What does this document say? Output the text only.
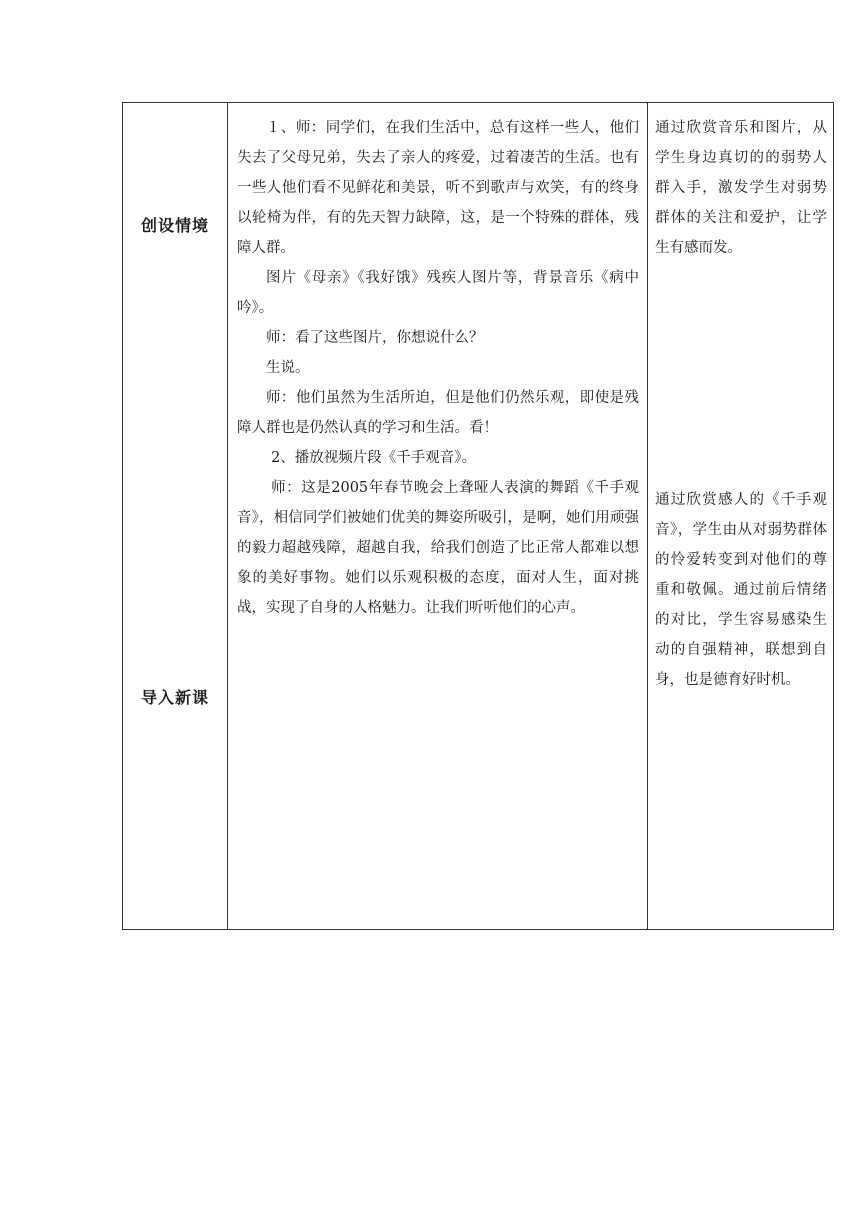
创设情境
导入新课

１、师：同学们，在我们生活中，总有这样一些人，他们失去了父母兄弟，失去了亲人的疼爱，过着凄苦的生活。也有一些人他们看不见鲜花和美景，听不到歌声与欢笑，有的终身以轮椅为伴，有的先天智力缺障，这，是一个特殊的群体，残障人群。

图片《母亲》《我好饿》残疾人图片等，背景音乐《病中吟》。

师：看了这些图片，你想说什么？

生说。

师：他们虽然为生活所迫，但是他们仍然乐观，即使是残障人群也是仍然认真的学习和生活。看！

2、播放视频片段《千手观音》。

师：这是2005年春节晚会上聋哑人表演的舞蹈《千手观音》，相信同学们被她们优美的舞姿所吸引，是啊，她们用顽强的毅力超越残障，超越自我，给我们创造了比正常人都难以想象的美好事物。她们以乐观积极的态度，面对人生，面对挑战，实现了自身的人格魅力。让我们听听他们的心声。

通过欣赏音乐和图片，从学生身边真切的的弱势人群入手，激发学生对弱势群体的关注和爱护，让学生有感而发。

通过欣赏感人的《千手观音》，学生由从对弱势群体的怜爱转变到对他们的尊重和敬佩。通过前后情绪的对比，学生容易感染生动的自强精神，联想到自身，也是德育好时机。
